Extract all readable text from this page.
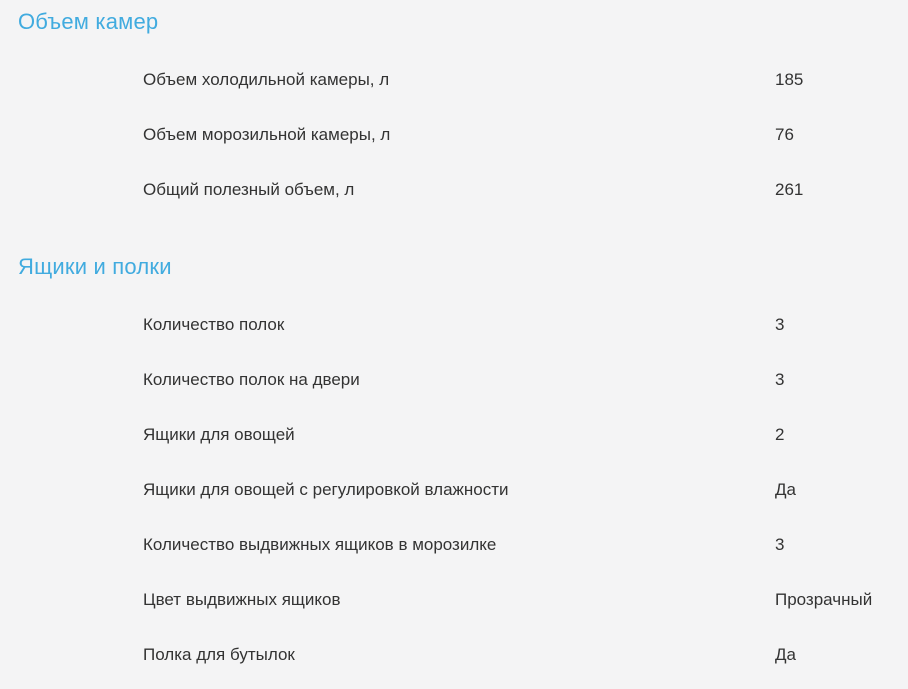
Объем камер
Объем холодильной камеры, л	185
Объем морозильной камеры, л	76
Общий полезный объем, л	261
Ящики и полки
Количество полок	3
Количество полок на двери	3
Ящики для овощей	2
Ящики для овощей с регулировкой влажности	Да
Количество выдвижных ящиков в морозилке	3
Цвет выдвижных ящиков	Прозрачный
Полка для бутылок	Да
